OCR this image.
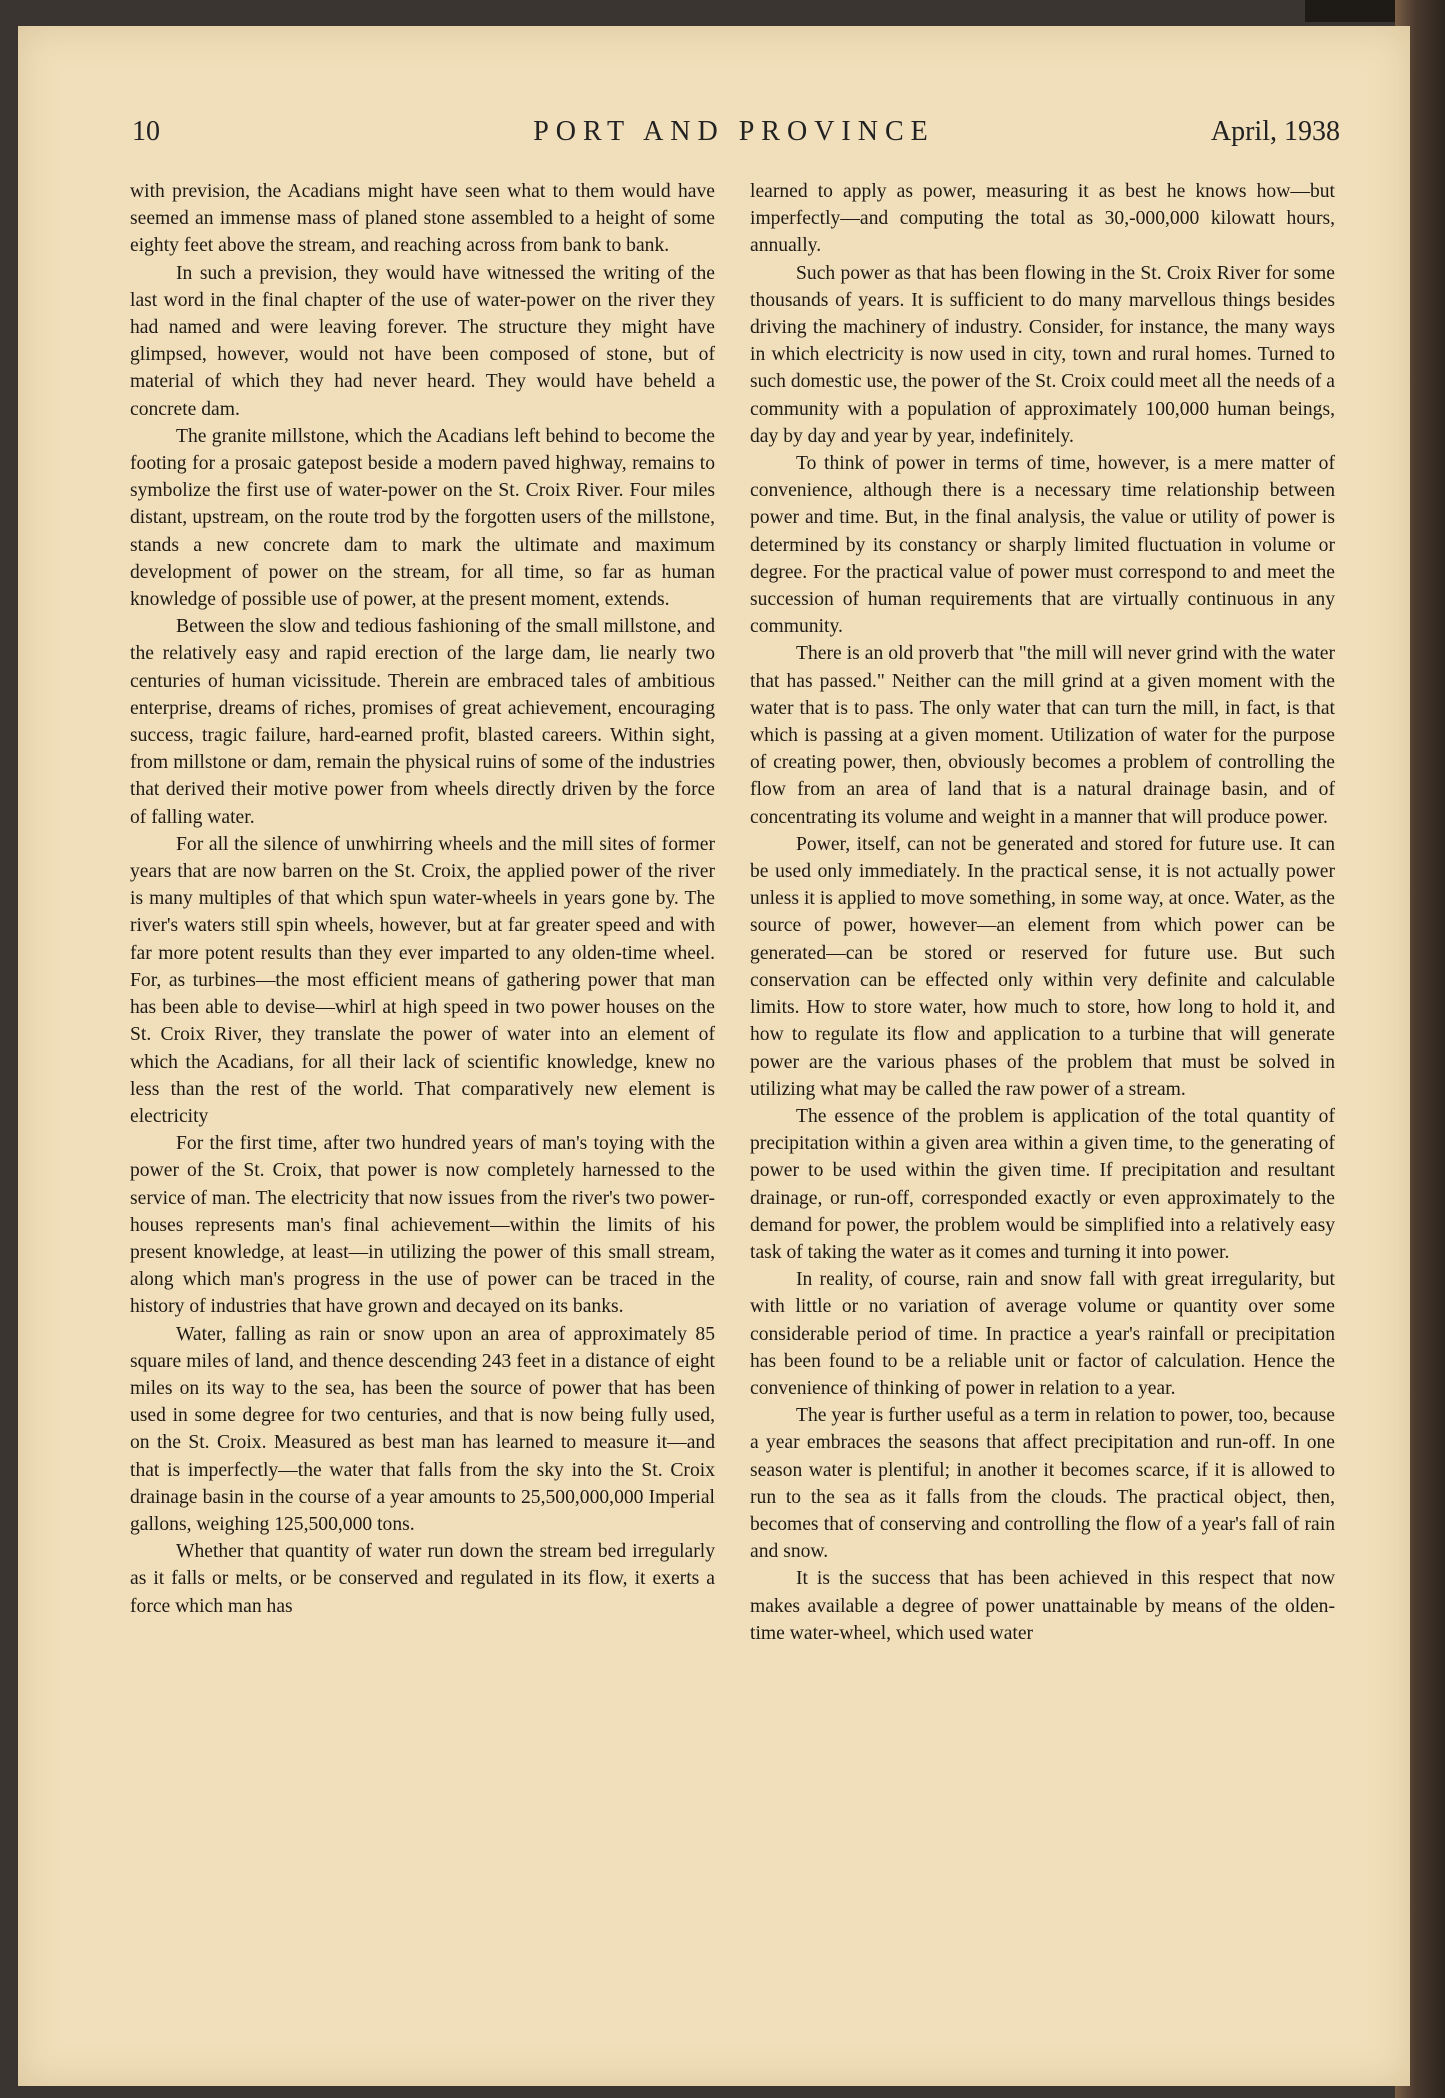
10	PORT AND PROVINCE	April, 1938

with prevision, the Acadians might have seen what to them would have seemed an immense mass of planed stone assembled to a height of some eighty feet above the stream, and reaching across from bank to bank.

In such a prevision, they would have witnessed the writing of the last word in the final chapter of the use of water-power on the river they had named and were leaving forever. The structure they might have glimpsed, however, would not have been composed of stone, but of material of which they had never heard. They would have beheld a concrete dam.

The granite millstone, which the Acadians left behind to become the footing for a prosaic gatepost beside a modern paved highway, remains to symbolize the first use of water-power on the St. Croix River. Four miles distant, upstream, on the route trod by the forgotten users of the millstone, stands a new concrete dam to mark the ultimate and maximum development of power on the stream, for all time, so far as human knowledge of possible use of power, at the present moment, extends.

Between the slow and tedious fashioning of the small millstone, and the relatively easy and rapid erection of the large dam, lie nearly two centuries of human vicissitude. Therein are embraced tales of ambitious enterprise, dreams of riches, promises of great achievement, encouraging success, tragic failure, hard-earned profit, blasted careers. Within sight, from millstone or dam, remain the physical ruins of some of the industries that derived their motive power from wheels directly driven by the force of falling water.

For all the silence of unwhirring wheels and the mill sites of former years that are now barren on the St. Croix, the applied power of the river is many multiples of that which spun water-wheels in years gone by. The river's waters still spin wheels, however, but at far greater speed and with far more potent results than they ever imparted to any olden-time wheel. For, as turbines—the most efficient means of gathering power that man has been able to devise—whirl at high speed in two power houses on the St. Croix River, they translate the power of water into an element of which the Acadians, for all their lack of scientific knowledge, knew no less than the rest of the world. That comparatively new element is electricity

For the first time, after two hundred years of man's toying with the power of the St. Croix, that power is now completely harnessed to the service of man. The electricity that now issues from the river's two power-houses represents man's final achievement—within the limits of his present knowledge, at least—in utilizing the power of this small stream, along which man's progress in the use of power can be traced in the history of industries that have grown and decayed on its banks.

Water, falling as rain or snow upon an area of approximately 85 square miles of land, and thence descending 243 feet in a distance of eight miles on its way to the sea, has been the source of power that has been used in some degree for two centuries, and that is now being fully used, on the St. Croix. Measured as best man has learned to measure it—and that is imperfectly—the water that falls from the sky into the St. Croix drainage basin in the course of a year amounts to 25,500,000,000 Imperial gallons, weighing 125,500,000 tons.

Whether that quantity of water run down the stream bed irregularly as it falls or melts, or be conserved and regulated in its flow, it exerts a force which man has

learned to apply as power, measuring it as best he knows how—but imperfectly—and computing the total as 30,-000,000 kilowatt hours, annually.

Such power as that has been flowing in the St. Croix River for some thousands of years. It is sufficient to do many marvellous things besides driving the machinery of industry. Consider, for instance, the many ways in which electricity is now used in city, town and rural homes. Turned to such domestic use, the power of the St. Croix could meet all the needs of a community with a population of approximately 100,000 human beings, day by day and year by year, indefinitely.

To think of power in terms of time, however, is a mere matter of convenience, although there is a necessary time relationship between power and time. But, in the final analysis, the value or utility of power is determined by its constancy or sharply limited fluctuation in volume or degree. For the practical value of power must correspond to and meet the succession of human requirements that are virtually continuous in any community.

There is an old proverb that "the mill will never grind with the water that has passed." Neither can the mill grind at a given moment with the water that is to pass. The only water that can turn the mill, in fact, is that which is passing at a given moment. Utilization of water for the purpose of creating power, then, obviously becomes a problem of controlling the flow from an area of land that is a natural drainage basin, and of concentrating its volume and weight in a manner that will produce power.

Power, itself, can not be generated and stored for future use. It can be used only immediately. In the practical sense, it is not actually power unless it is applied to move something, in some way, at once. Water, as the source of power, however—an element from which power can be generated—can be stored or reserved for future use. But such conservation can be effected only within very definite and calculable limits. How to store water, how much to store, how long to hold it, and how to regulate its flow and application to a turbine that will generate power are the various phases of the problem that must be solved in utilizing what may be called the raw power of a stream.

The essence of the problem is application of the total quantity of precipitation within a given area within a given time, to the generating of power to be used within the given time. If precipitation and resultant drainage, or run-off, corresponded exactly or even approximately to the demand for power, the problem would be simplified into a relatively easy task of taking the water as it comes and turning it into power.

In reality, of course, rain and snow fall with great irregularity, but with little or no variation of average volume or quantity over some considerable period of time. In practice a year's rainfall or precipitation has been found to be a reliable unit or factor of calculation. Hence the convenience of thinking of power in relation to a year.

The year is further useful as a term in relation to power, too, because a year embraces the seasons that affect precipitation and run-off. In one season water is plentiful; in another it becomes scarce, if it is allowed to run to the sea as it falls from the clouds. The practical object, then, becomes that of conserving and controlling the flow of a year's fall of rain and snow.

It is the success that has been achieved in this respect that now makes available a degree of power unattainable by means of the olden-time water-wheel, which used water
